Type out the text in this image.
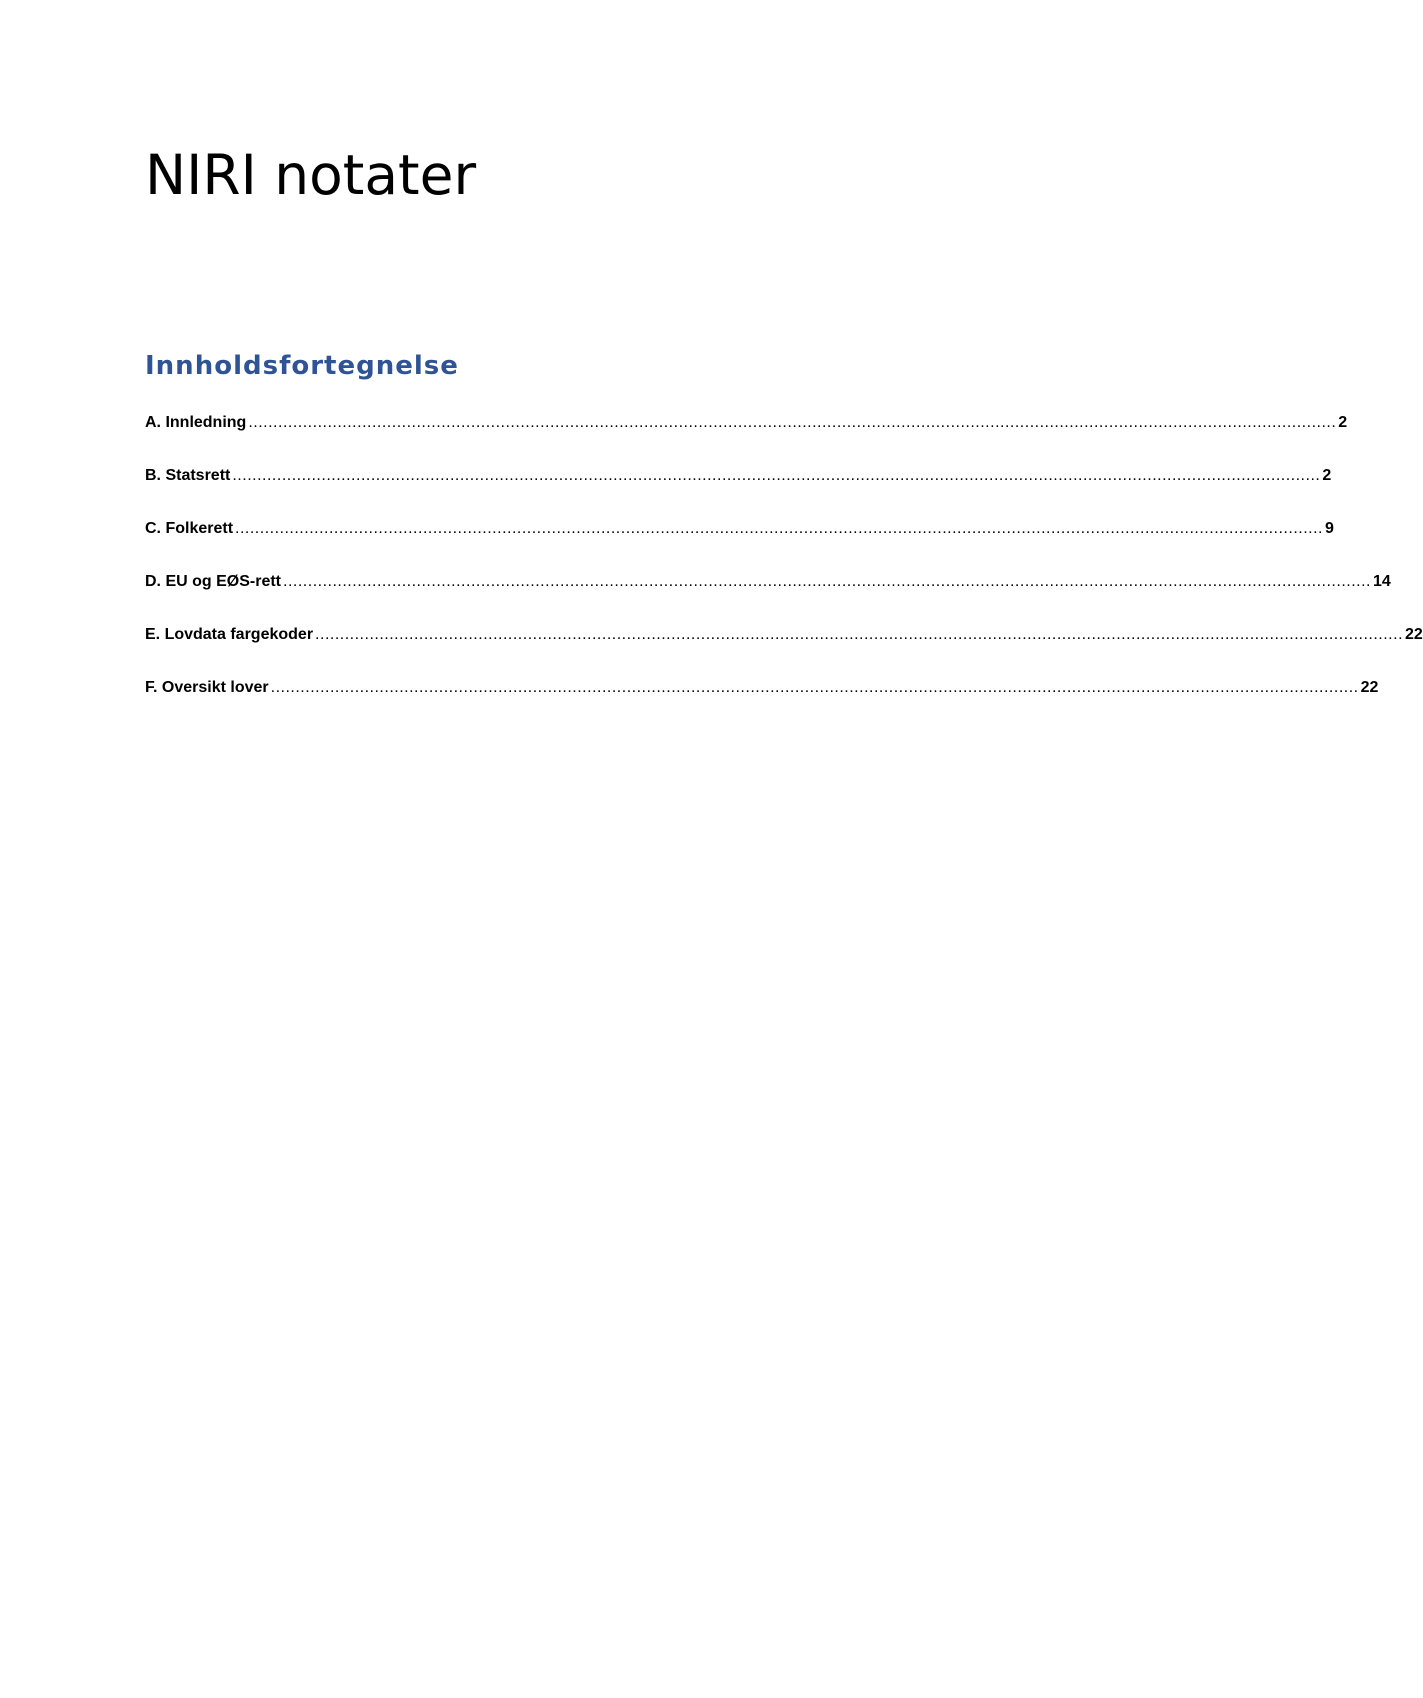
NIRI notater
Innholdsfortegnelse
A. Innledning ............................................................................................................................................................................................................................ 2
B. Statsrett ............................................................................................................................................................................................................................ 2
C. Folkerett ............................................................................................................................................................................................................................ 9
D. EU og EØS-rett ............................................................................................................................................................................................................................ 14
E. Lovdata fargekoder ............................................................................................................................................................................................................................ 22
F. Oversikt lover ............................................................................................................................................................................................................................ 22
